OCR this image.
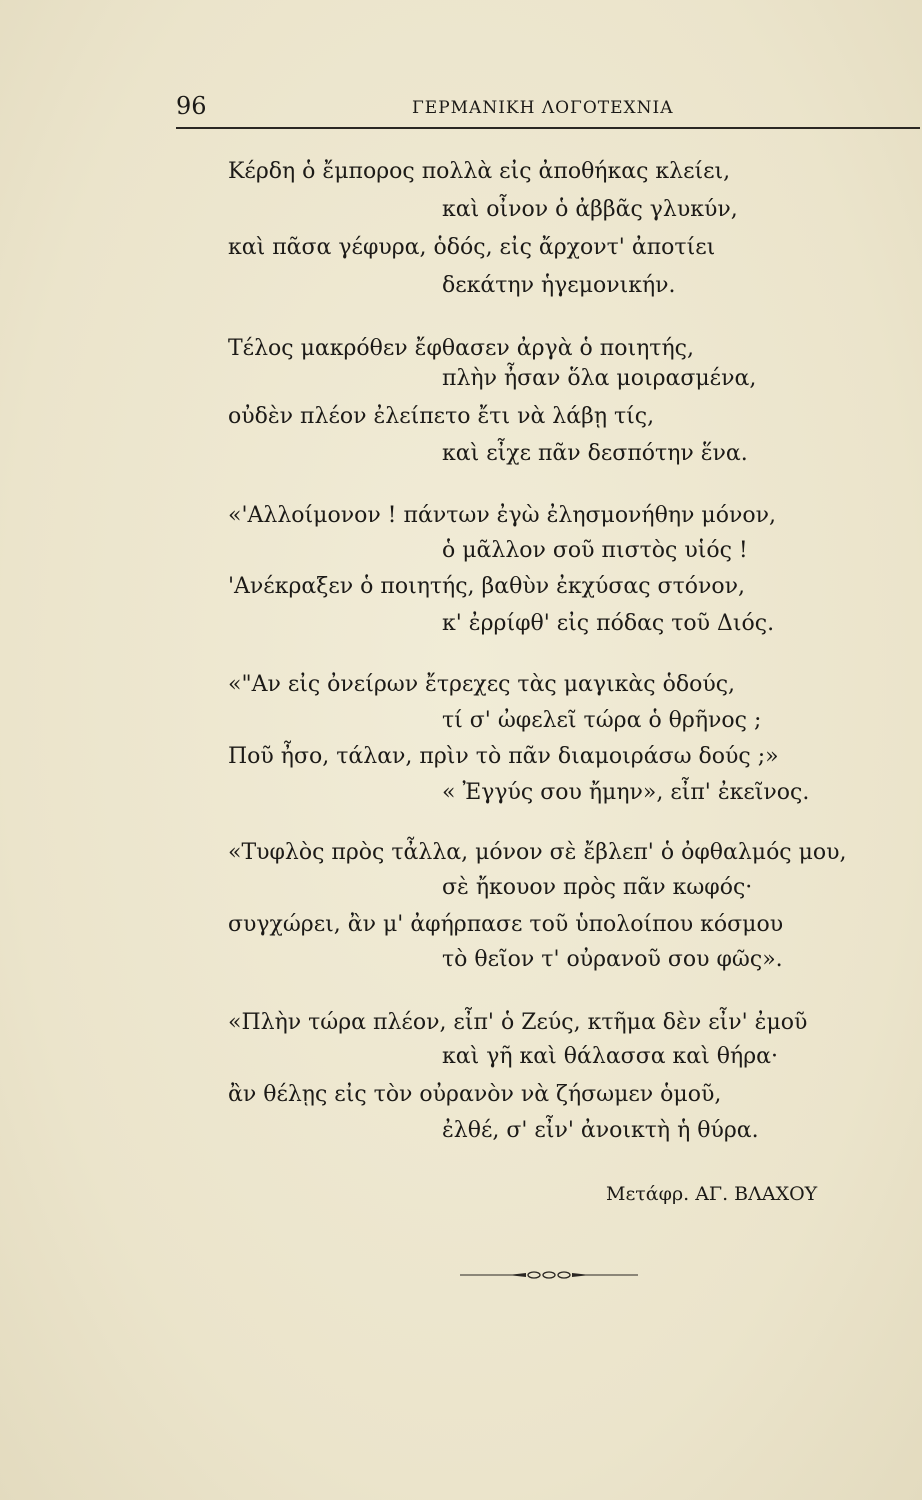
96	ΓΕΡΜΑΝΙΚΗ ΛΟΓΟΤΕΧΝΙΑ
Κέρδη ὁ ἔμπορος πολλὰ εἰς ἀποθήκας κλείει,
καὶ οἶνον ὁ ἀββᾶς γλυκύν,
καὶ πᾶσα γέφυρα, ὁδός, εἰς ἄρχοντ' ἀποτίει
δεκάτην ἡγεμονικήν.
Τέλος μακρόθεν ἔφθασεν ἀργὰ ὁ ποιητής,
πλὴν ἦσαν ὅλα μοιρασμένα,
οὐδὲν πλέον ἐλείπετο ἔτι νὰ λάβῃ τίς,
καὶ εἶχε πᾶν δεσπότην ἕνα.
«'Αλλοίμονον ! πάντων ἐγὼ ἐλησμονήθην μόνον,
ὁ μᾶλλον σοῦ πιστὸς υἱός !
'Ανέκραξεν ὁ ποιητής, βαθὺν ἐκχύσας στόνον,
κ' ἐρρίφθ' εἰς πόδας τοῦ Διός.
«"Αν εἰς ὀνείρων ἔτρεχες τὰς μαγικὰς ὁδούς,
τί σ' ὠφελεῖ τώρα ὁ θρῆνος ;
Ποῦ ἦσο, τάλαν, πρὶν τὸ πᾶν διαμοιράσω δούς ;»
« Ἐγγύς σου ἤμην», εἶπ' ἐκεῖνος.
«Τυφλὸς πρὸς τἆλλα, μόνον σὲ ἔβλεπ' ὁ ὀφθαλμός μου,
σὲ ἤκουον πρὸς πᾶν κωφός·
συγχώρει, ἂν μ' ἀφήρπασε τοῦ ὑπολοίπου κόσμου
τὸ θεῖον τ' οὐρανοῦ σου φῶς».
«Πλὴν τώρα πλέον, εἶπ' ὁ Ζεύς, κτῆμα δὲν εἶν' ἐμοῦ
καὶ γῆ καὶ θάλασσα καὶ θήρα·
ἂν θέλῃς εἰς τὸν οὐρανὸν νὰ ζήσωμεν ὁμοῦ,
ἐλθέ, σ' εἶν' ἀνοικτὴ ἡ θύρα.
Μετάφρ. ΑΓ. ΒΛΑΧΟΥ
